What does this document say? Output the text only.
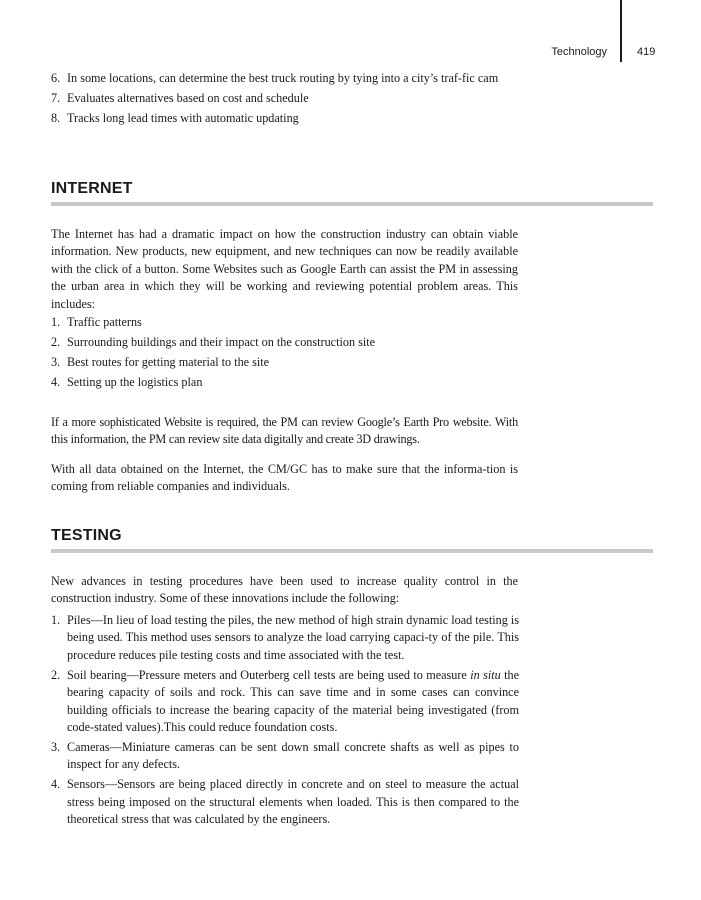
Technology	419
6. In some locations, can determine the best truck routing by tying into a city’s traf-fic cam
7. Evaluates alternatives based on cost and schedule
8. Tracks long lead times with automatic updating
INTERNET

The Internet has had a dramatic impact on how the construction industry can obtain viable information. New products, new equipment, and new techniques can now be readily available with the click of a button. Some Websites such as Google Earth can assist the PM in assessing the urban area in which they will be working and reviewing potential problem areas. This includes:

1. Traffic patterns
2. Surrounding buildings and their impact on the construction site
3. Best routes for getting material to the site
4. Setting up the logistics plan

If a more sophisticated Website is required, the PM can review Google’s Earth Pro website. With this information, the PM can review site data digitally and create 3D drawings.

With all data obtained on the Internet, the CM/GC has to make sure that the informa-tion is coming from reliable companies and individuals.

TESTING

New advances in testing procedures have been used to increase quality control in the construction industry. Some of these innovations include the following:

1. Piles—In lieu of load testing the piles, the new method of high strain dynamic load testing is being used. This method uses sensors to analyze the load carrying capaci-ty of the pile. This procedure reduces pile testing costs and time associated with the test.
2. Soil bearing—Pressure meters and Outerberg cell tests are being used to measure in situ the bearing capacity of soils and rock. This can save time and in some cases can convince building officials to increase the bearing capacity of the material being investigated (from code-stated values).This could reduce foundation costs.
3. Cameras—Miniature cameras can be sent down small concrete shafts as well as pipes to inspect for any defects.
4. Sensors—Sensors are being placed directly in concrete and on steel to measure the actual stress being imposed on the structural elements when loaded. This is then compared to the theoretical stress that was calculated by the engineers.
